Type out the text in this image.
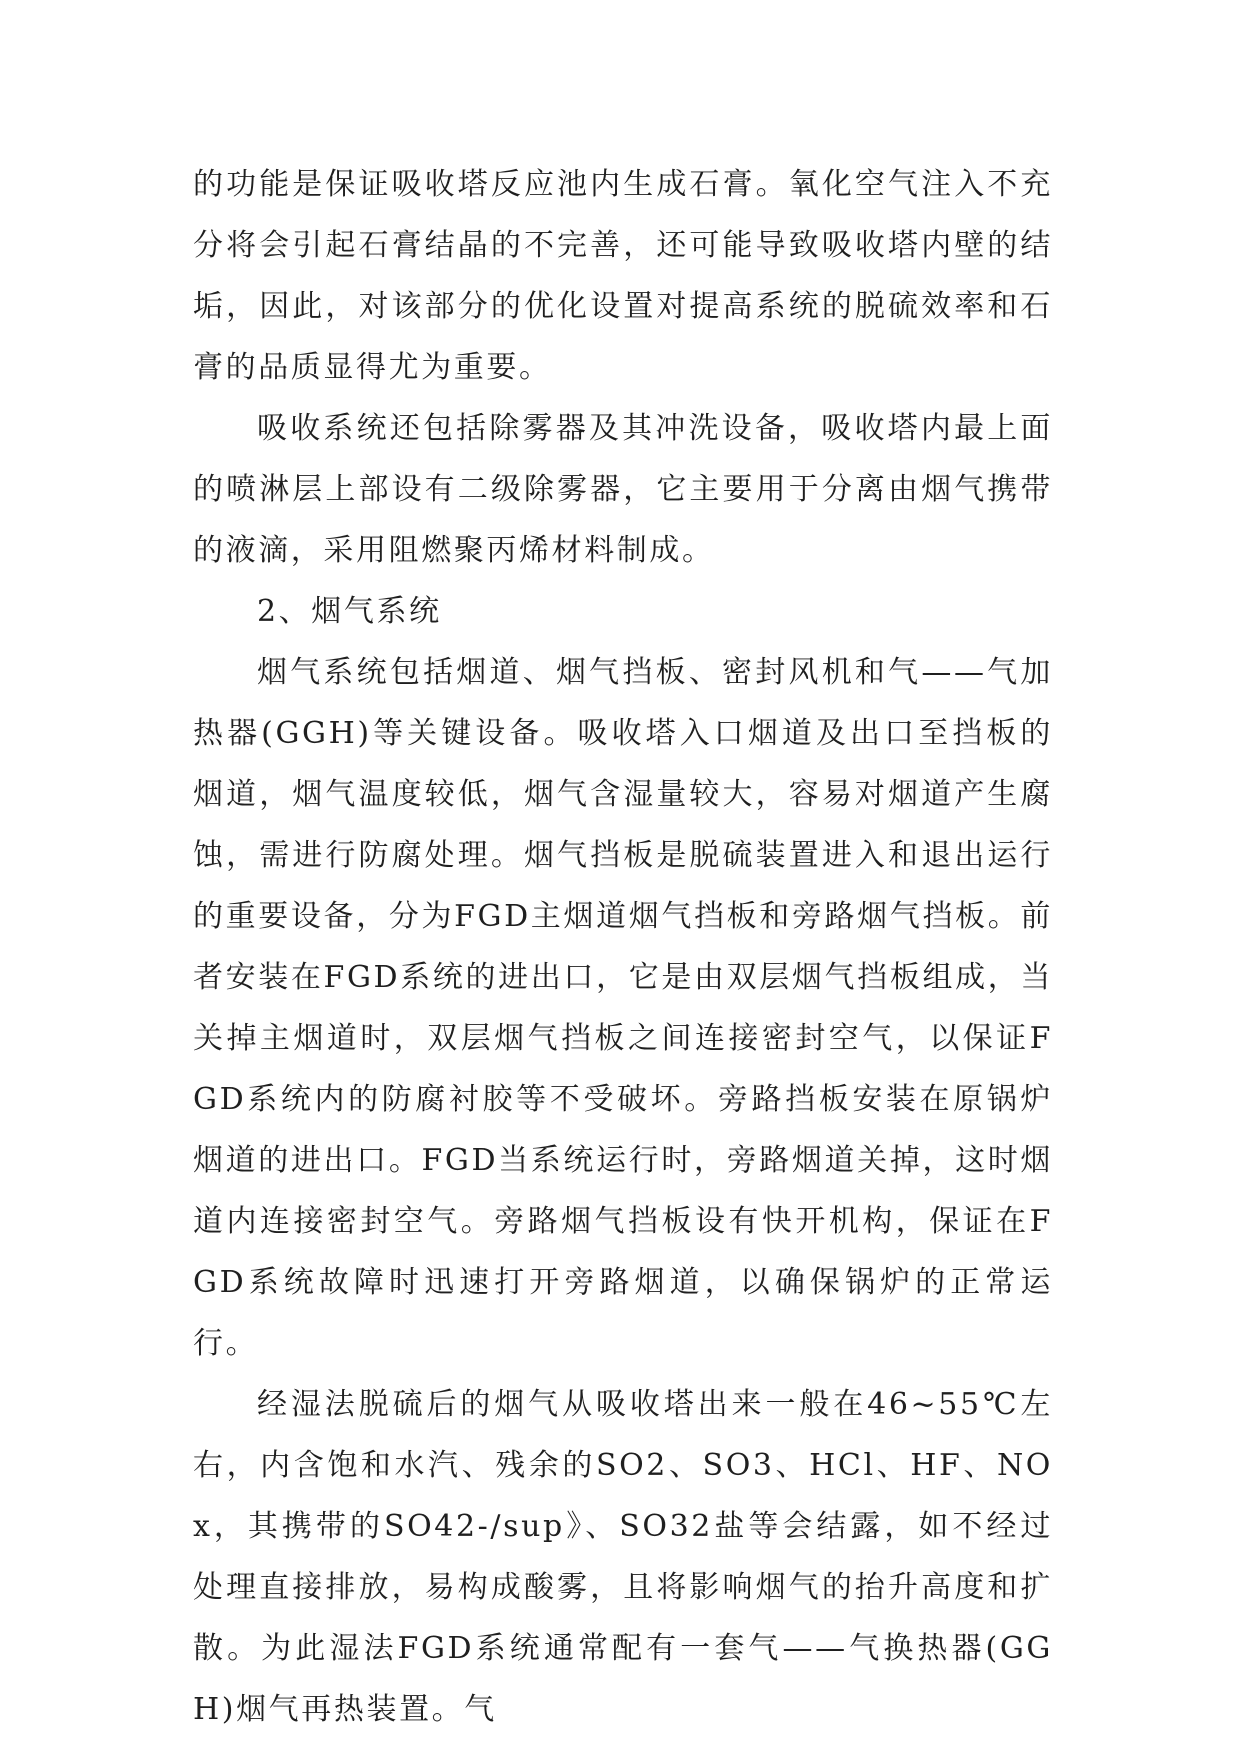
的功能是保证吸收塔反应池内生成石膏。氧化空气注入不充分将会引起石膏结晶的不完善，还可能导致吸收塔内壁的结垢，因此，对该部分的优化设置对提高系统的脱硫效率和石膏的品质显得尤为重要。

吸收系统还包括除雾器及其冲洗设备，吸收塔内最上面的喷淋层上部设有二级除雾器，它主要用于分离由烟气携带的液滴，采用阻燃聚丙烯材料制成。

2、烟气系统

烟气系统包括烟道、烟气挡板、密封风机和气——气加热器(GGH)等关键设备。吸收塔入口烟道及出口至挡板的烟道，烟气温度较低，烟气含湿量较大，容易对烟道产生腐蚀，需进行防腐处理。烟气挡板是脱硫装置进入和退出运行的重要设备，分为FGD主烟道烟气挡板和旁路烟气挡板。前者安装在FGD系统的进出口，它是由双层烟气挡板组成，当关掉主烟道时，双层烟气挡板之间连接密封空气，以保证FGD系统内的防腐衬胶等不受破坏。旁路挡板安装在原锅炉烟道的进出口。FGD当系统运行时，旁路烟道关掉，这时烟道内连接密封空气。旁路烟气挡板设有快开机构，保证在FGD系统故障时迅速打开旁路烟道，以确保锅炉的正常运行。

经湿法脱硫后的烟气从吸收塔出来一般在46~55℃左右，内含饱和水汽、残余的SO2、SO3、HCl、HF、NOx，其携带的SO42-/sup》、SO32盐等会结露，如不经过处理直接排放，易构成酸雾，且将影响烟气的抬升高度和扩散。为此湿法FGD系统通常配有一套气——气换热器(GGH)烟气再热装置。气
